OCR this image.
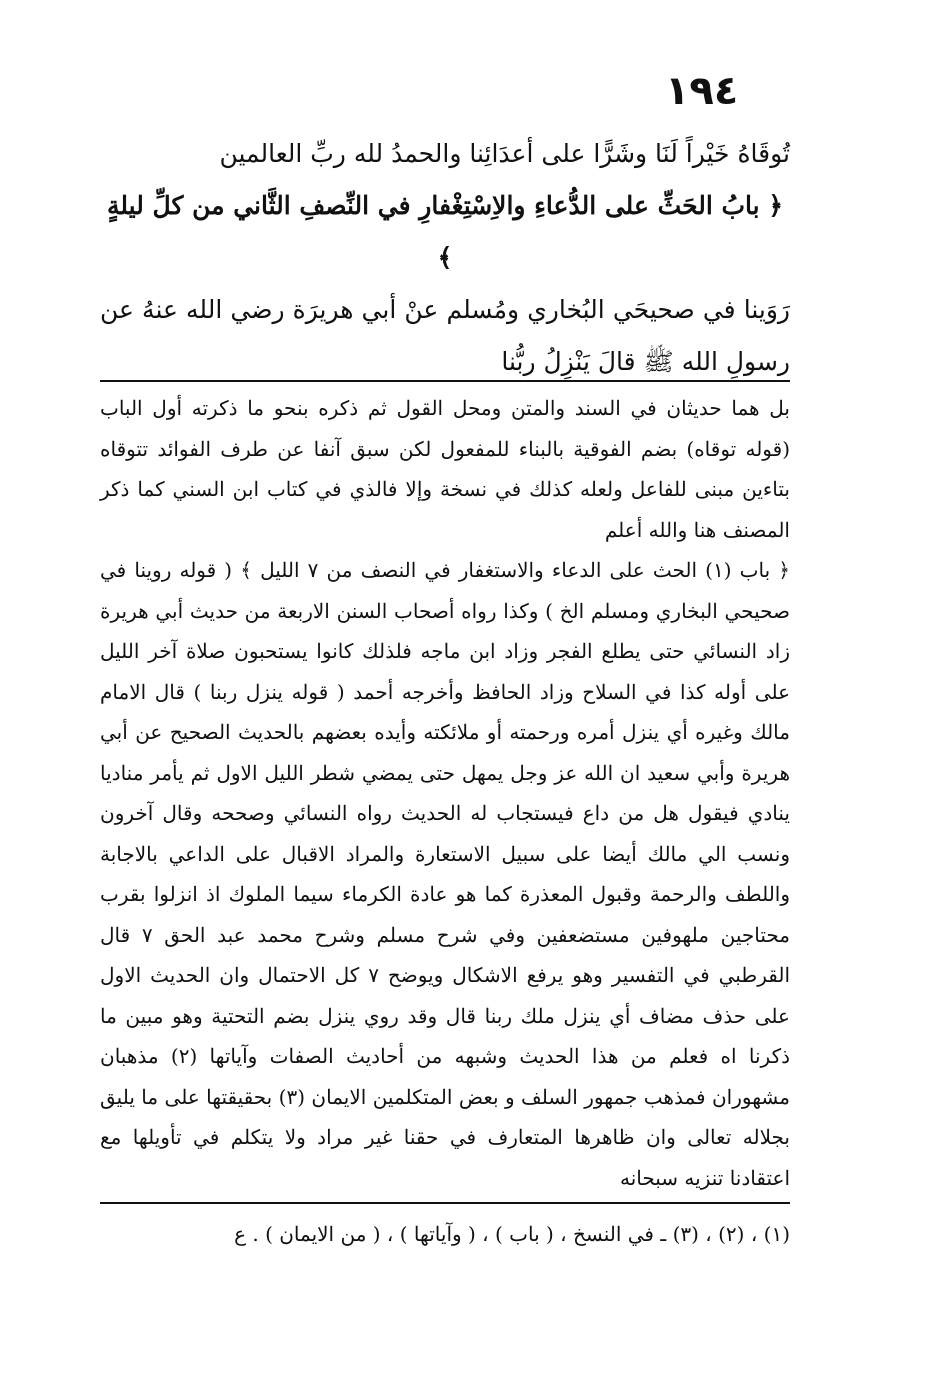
١٩٤

تُوقَاهُ خَيْراً لَنَا وشَرًّا على أعدَائِنا والحمدُ لله ربِّ العالمين

﴿ بابُ الحَثِّ على الدُّعاءِ والاِسْتِغْفارِ في النِّصفِ الثَّاني من كلِّ ليلةٍ ﴾

رَوَينا في صحيحَي البُخاري ومُسلم عنْ أبي هريرَة رضي الله عنهُ عن رسولِ الله ﷺ قالَ يَنْزِلُ ربُّنا

بل هما حديثان في السند والمتن ومحل القول ثم ذكره بنحو ما ذكرته أول الباب (قوله توقاه) بضم الفوقية بالبناء للمفعول لكن سبق آنفا عن طرف الفوائد تتوقاه بتاءين مبنى للفاعل ولعله كذلك في نسخة وإلا فالذي في كتاب ابن السني كما ذكر المصنف هنا والله أعلم

﴿ باب (١) الحث على الدعاء والاستغفار في النصف من ٧ الليل ﴾ ( قوله روينا في صحيحي البخاري ومسلم الخ ) وكذا رواه أصحاب السنن الاربعة من حديث أبي هريرة زاد النسائي حتى يطلع الفجر وزاد ابن ماجه فلذلك كانوا يستحبون صلاة آخر الليل على أوله كذا في السلاح وزاد الحافظ وأخرجه أحمد ( قوله ينزل ربنا ) قال الامام مالك وغيره أي ينزل أمره ورحمته أو ملائكته وأيده بعضهم بالحديث الصحيح عن أبي هريرة وأبي سعيد ان الله عز وجل يمهل حتى يمضي شطر الليل الاول ثم يأمر مناديا ينادي فيقول هل من داع فيستجاب له الحديث رواه النسائي وصححه وقال آخرون ونسب الي مالك أيضا على سبيل الاستعارة والمراد الاقبال على الداعي بالاجابة واللطف والرحمة وقبول المعذرة كما هو عادة الكرماء سيما الملوك اذ انزلوا بقرب محتاجين ملهوفين مستضعفين وفي شرح مسلم وشرح محمد عبد الحق ٧ قال القرطبي في التفسير وهو يرفع الاشكال ويوضح ٧ كل الاحتمال وان الحديث الاول على حذف مضاف أي ينزل ملك ربنا قال وقد روي ينزل بضم التحتية وهو مبين ما ذكرنا اه فعلم من هذا الحديث وشبهه من أحاديث الصفات وآياتها (٢) مذهبان مشهوران فمذهب جمهور السلف و بعض المتكلمين الايمان (٣) بحقيقتها على ما يليق بجلاله تعالى وان ظاهرها المتعارف في حقنا غير مراد ولا يتكلم في تأويلها مع اعتقادنا تنزيه سبحانه

(١) ، (٢) ، (٣) ـ في النسخ ، ( باب ) ، ( وآياتها ) ، ( من الايمان ) . ع
